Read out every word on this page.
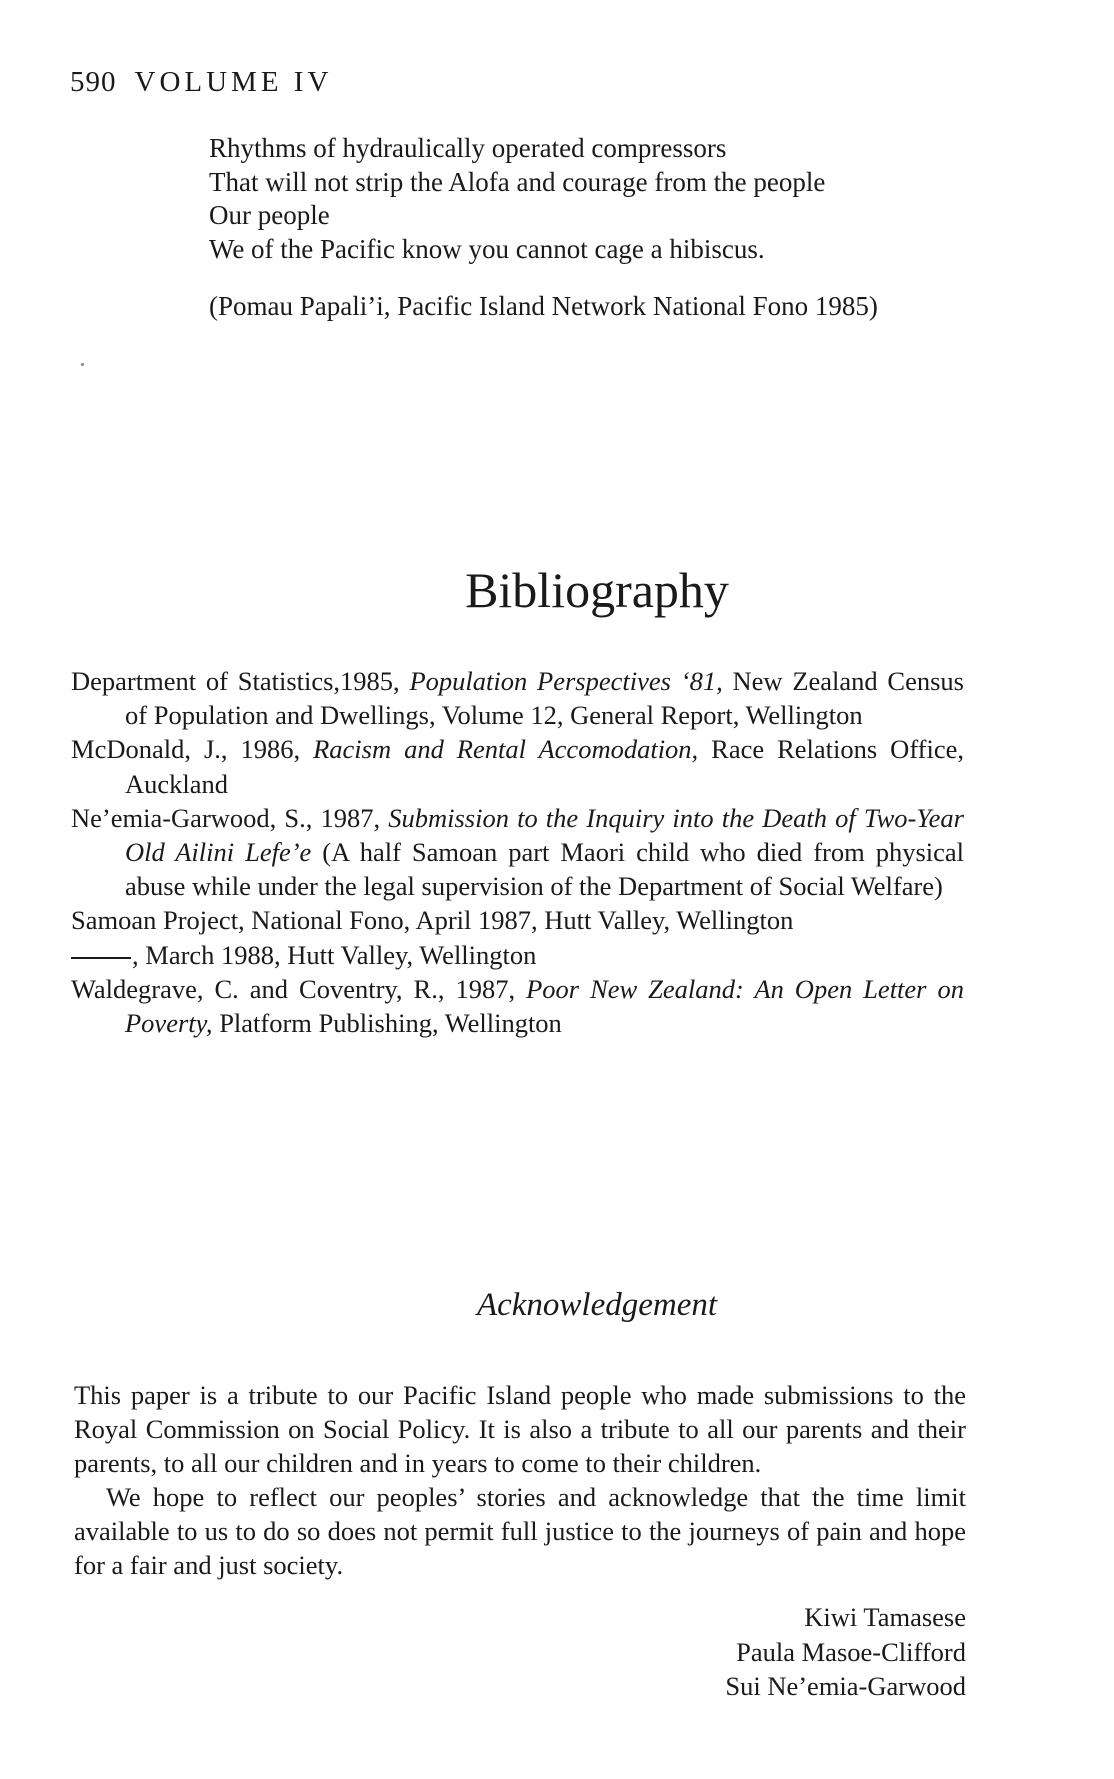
590 VOLUME IV
Rhythms of hydraulically operated compressors
That will not strip the Alofa and courage from the people
Our people
We of the Pacific know you cannot cage a hibiscus.
(Pomau Papali’i, Pacific Island Network National Fono 1985)
Bibliography

Department of Statistics,1985, Population Perspectives ‘81, New Zealand Census of Population and Dwellings, Volume 12, General Report, Wellington

McDonald, J., 1986, Racism and Rental Accomodation, Race Relations Office, Auckland

Ne’emia-Garwood, S., 1987, Submission to the Inquiry into the Death of Two-Year Old Ailini Lefe’e (A half Samoan part Maori child who died from physical abuse while under the legal supervision of the Department of Social Welfare)

Samoan Project, National Fono, April 1987, Hutt Valley, Wellington

, March 1988, Hutt Valley, Wellington

Waldegrave, C. and Coventry, R., 1987, Poor New Zealand: An Open Letter on Poverty, Platform Publishing, Wellington

Acknowledgement

This paper is a tribute to our Pacific Island people who made submissions to the Royal Commission on Social Policy. It is also a tribute to all our parents and their parents, to all our children and in years to come to their children.

We hope to reflect our peoples’ stories and acknowledge that the time limit available to us to do so does not permit full justice to the journeys of pain and hope for a fair and just society.

Kiwi Tamasese
Paula Masoe-Clifford
Sui Ne’emia-Garwood
